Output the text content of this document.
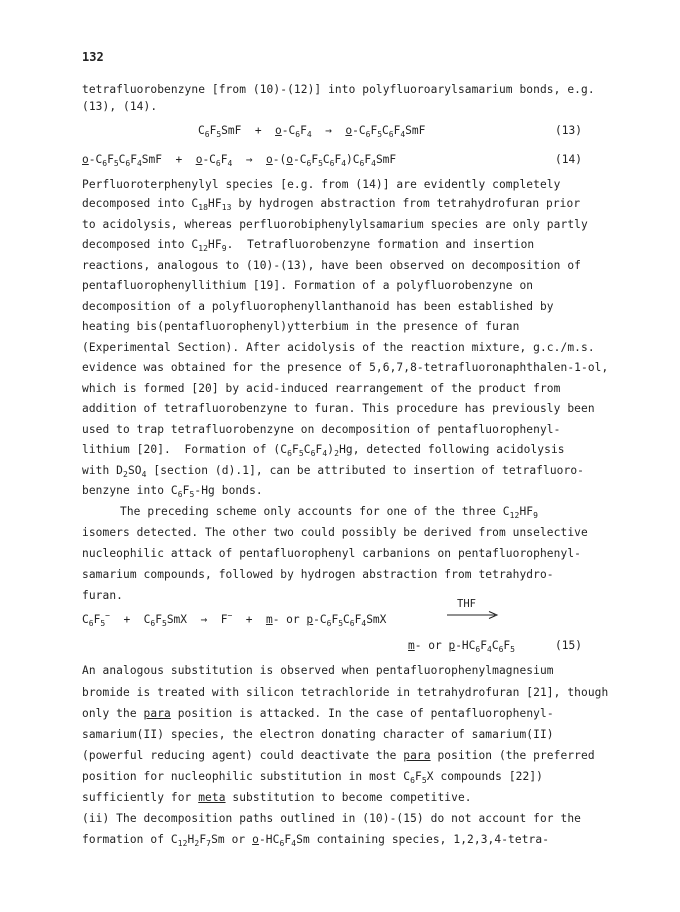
132
tetrafluorobenzyne [from (10)-(12)] into polyfluoroarylsamarium bonds, e.g.
(13), (14).
$C_6F_5SmF + o-C_6F_4 \to o-C_6F_5C_6F_4SmF$	(13)
$o-C_6F_5C_6F_4SmF + o-C_6F_4 \to o-(o-C_6F_5C_6F_4)C_6F_4SmF$	(14)
Perfluoroterphenylyl species [e.g. from (14)] are evidently completely
decomposed into $C_{18}HF_{13}$ by hydrogen abstraction from tetrahydrofuran prior
to acidolysis, whereas perfluorobiphenylylsamarium species are only partly
decomposed into $C_{12}HF_9$.  Tetrafluorobenzyne formation and insertion
reactions, analogous to (10)-(13), have been observed on decomposition of
pentafluorophenyllithium [19]. Formation of a polyfluorobenzyne on
decomposition of a polyfluorophenyllanthanoid has been established by
heating bis(pentafluorophenyl)ytterbium in the presence of furan
(Experimental Section). After acidolysis of the reaction mixture, g.c./m.s.
evidence was obtained for the presence of 5,6,7,8-tetrafluoronaphthalen-1-ol,
which is formed [20] by acid-induced rearrangement of the product from
addition of tetrafluorobenzyne to furan. This procedure has previously been
used to trap tetrafluorobenzyne on decomposition of pentafluorophenyl-
lithium [20].  Formation of $(C_6F_5C_6F_4)_2Hg$, detected following acidolysis
with $D_2SO_4$ [section (d).1], can be attributed to insertion of tetrafluoro-
benzyne into $C_6F_5-Hg$ bonds.
The preceding scheme only accounts for one of the three $C_{12}HF_9$
isomers detected. The other two could possibly be derived from unselective
nucleophilic attack of pentafluorophenyl carbanions on pentafluorophenyl-
samarium compounds, followed by hydrogen abstraction from tetrahydro-
furan.
THF
$C_6F_5^- + C_6F_5SmX \to F^- + m-$ or $p-C_6F_5C_6F_4SmX$
m- or $p-HC_6F_4C_6F_5$	(15)
An analogous substitution is observed when pentafluorophenylmagnesium
bromide is treated with silicon tetrachloride in tetrahydrofuran [21], though
only the para position is attacked. In the case of pentafluorophenyl-
samarium(II) species, the electron donating character of samarium(II)
(powerful reducing agent) could deactivate the para position (the preferred
position for nucleophilic substitution in most $C_6F_5X$ compounds [22])
sufficiently for meta substitution to become competitive.
(ii) The decomposition paths outlined in (10)-(15) do not account for the
formation of $C_{12}H_2F_7Sm$ or $o-HC_6F_4Sm$ containing species, 1,2,3,4-tetra-
